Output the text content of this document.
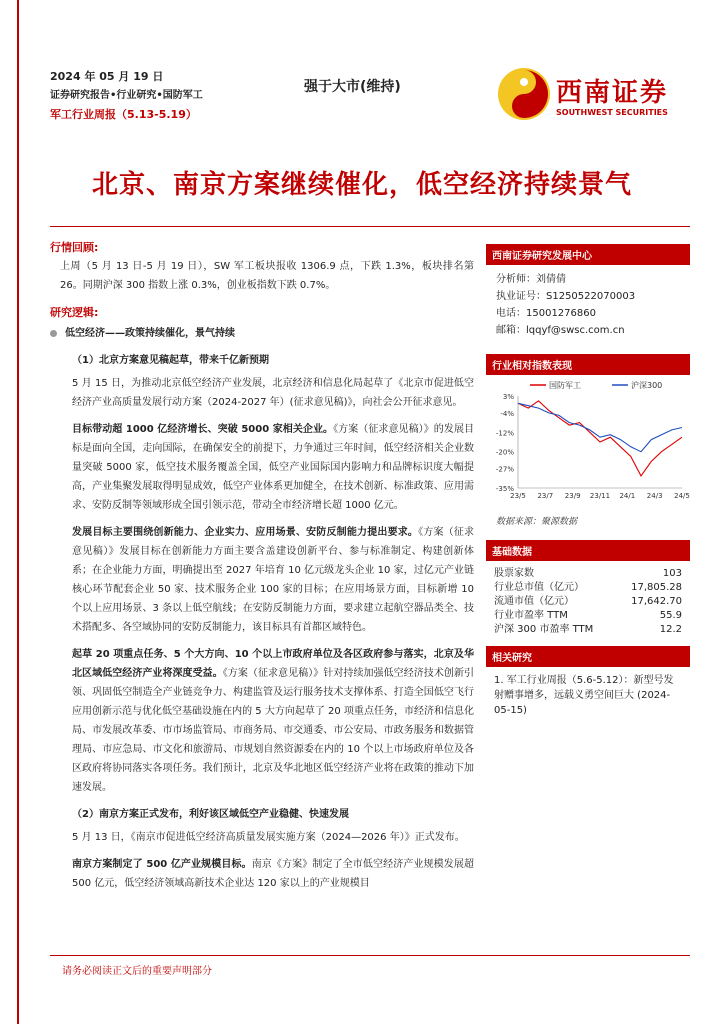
2024 年 05 月 19 日
证券研究报告•行业研究•国防军工
军工行业周报（5.13-5.19）
强于大市(维持)	西南证券
SOUTHWEST SECURITIES
北京、南京方案继续催化，低空经济持续景气
行情回顾:

上周（5 月 13 日-5 月 19 日），SW 军工板块报收 1306.9 点，下跌 1.3%，板块排名第 26。同期沪深 300 指数上涨 0.3%，创业板指数下跌 0.7%。

研究逻辑:
低空经济——政策持续催化，景气持续
（1）北京方案意见稿起草，带来千亿新预期

5 月 15 日，为推动北京低空经济产业发展，北京经济和信息化局起草了《北京市促进低空经济产业高质量发展行动方案（2024-2027 年）(征求意见稿)》，向社会公开征求意见。

目标带动超 1000 亿经济增长、突破 5000 家相关企业。《方案（征求意见稿）》的发展目标是面向全国，走向国际，在确保安全的前提下，力争通过三年时间，低空经济相关企业数量突破 5000 家，低空技术服务覆盖全国，低空产业国际国内影响力和品牌标识度大幅提高，产业集聚发展取得明显成效，低空产业体系更加健全，在技术创新、标准政策、应用需求、安防反制等领域形成全国引领示范，带动全市经济增长超 1000 亿元。

发展目标主要围绕创新能力、企业实力、应用场景、安防反制能力提出要求。《方案（征求意见稿）》发展目标在创新能力方面主要含盖建设创新平台、参与标准制定、构建创新体系；在企业能力方面，明确提出至 2027 年培育 10 亿元级龙头企业 10 家，过亿元产业链核心环节配套企业 50 家、技术服务企业 100 家的目标；在应用场景方面，目标新增 10 个以上应用场景、3 条以上低空航线；在安防反制能力方面，要求建立起航空器品类全、技术搭配多、各空域协同的安防反制能力，该目标具有首都区域特色。

起草 20 项重点任务、5 个大方向、10 个以上市政府单位及各区政府参与落实，北京及华北区域低空经济产业将深度受益。《方案（征求意见稿）》针对持续加强低空经济技术创新引领、巩固低空制造全产业链竞争力、构建监管及运行服务技术支撑体系、打造全国低空飞行应用创新示范与优化低空基础设施在内的 5 大方向起草了 20 项重点任务，市经济和信息化局、市发展改革委、市市场监管局、市商务局、市交通委、市公安局、市政务服务和数据管理局、市应急局、市文化和旅游局、市规划自然资源委在内的 10 个以上市场政府单位及各区政府将协同落实各项任务。我们预计，北京及华北地区低空经济产业将在政策的推动下加速发展。

（2）南京方案正式发布，利好该区域低空产业稳健、快速发展

5 月 13 日，《南京市促进低空经济高质量发展实施方案（2024—2026 年）》正式发布。

南京方案制定了 500 亿产业规模目标。南京《方案》制定了全市低空经济产业规模发展超 500 亿元，低空经济领域高新技术企业达 120 家以上的产业规模目

西南证券研究发展中心
分析师：刘倩倩
执业证号：S1250522070003
电话：15001276860
邮箱：lqqyf@swsc.com.cn
行业相对指数表现
国防军工	沪深300
3%
-4%
-12%
-20%
-27%
-35%
23/5 23/7 23/9 23/11 24/1 24/3 24/5
数据来源：聚源数据
基础数据
股票家数	103
行业总市值（亿元）	17,805.28
流通市值（亿元）	17,642.70
行业市盈率 TTM	55.9
沪深 300 市盈率 TTM	12.2
相关研究
1. 军工行业周报（5.6-5.12）：新型号发射赠事增多，远载义勇空间巨大 (2024-05-15)
请务必阅读正文后的重要声明部分
